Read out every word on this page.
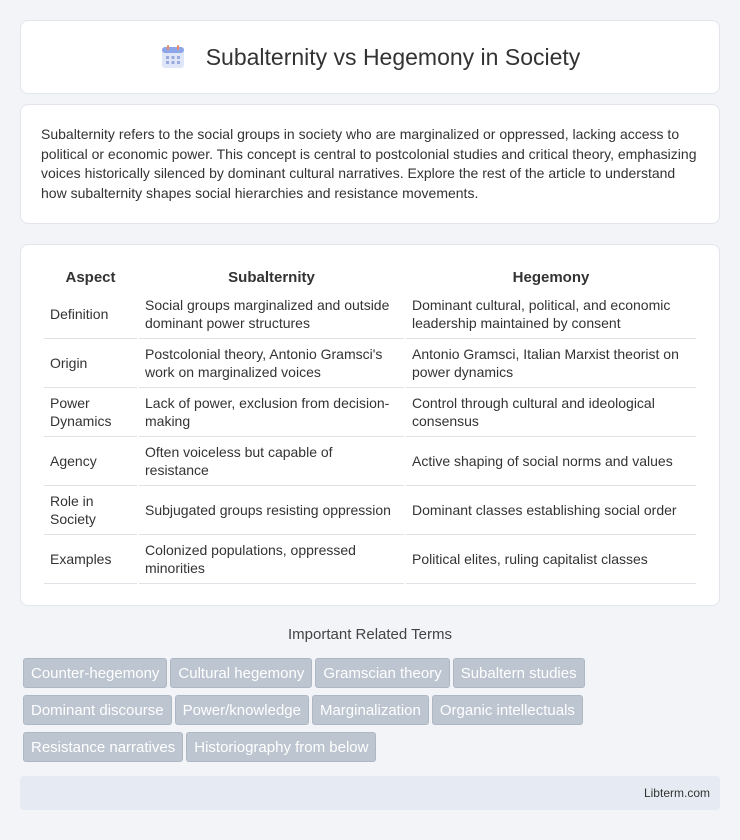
Subalternity vs Hegemony in Society

Subalternity refers to the social groups in society who are marginalized or oppressed, lacking access to political or economic power. This concept is central to postcolonial studies and critical theory, emphasizing voices historically silenced by dominant cultural narratives. Explore the rest of the article to understand how subalternity shapes social hierarchies and resistance movements.

Aspect	Subalternity	Hegemony
Definition	Social groups marginalized and outside dominant power structures	Dominant cultural, political, and economic leadership maintained by consent
Origin	Postcolonial theory, Antonio Gramsci's work on marginalized voices	Antonio Gramsci, Italian Marxist theorist on power dynamics
Power Dynamics	Lack of power, exclusion from decision-making	Control through cultural and ideological consensus
Agency	Often voiceless but capable of resistance	Active shaping of social norms and values
Role in Society	Subjugated groups resisting oppression	Dominant classes establishing social order
Examples	Colonized populations, oppressed minorities	Political elites, ruling capitalist classes
Important Related Terms
Counter-hegemony Cultural hegemony Gramscian theory Subaltern studies
Dominant discourse Power/knowledge Marginalization Organic intellectuals
Resistance narratives Historiography from below
Libterm.com
